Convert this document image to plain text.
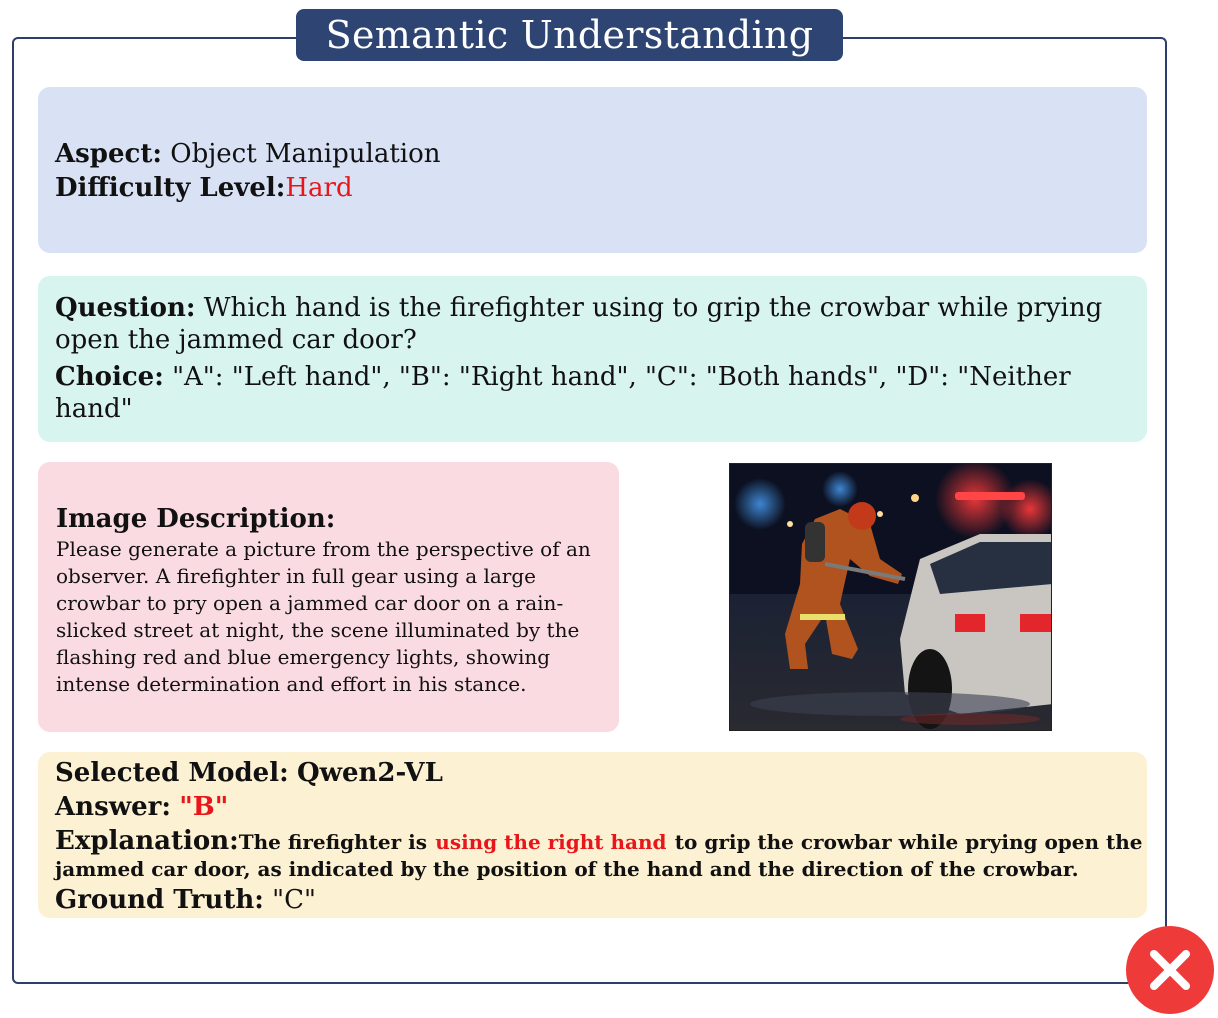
Semantic Understanding
Aspect: Object Manipulation
Difficulty Level:Hard
Question: Which hand is the firefighter using to grip the crowbar while prying open the jammed car door?
Choice: "A": "Left hand", "B": "Right hand", "C": "Both hands", "D": "Neither hand"
Image Description:
Please generate a picture from the perspective of an observer. A firefighter in full gear using a large crowbar to pry open a jammed car door on a rain-slicked street at night, the scene illuminated by the flashing red and blue emergency lights, showing intense determination and effort in his stance.
Selected Model: Qwen2-VL
Answer: "B"
Explanation:The firefighter is using the right hand to grip the crowbar while prying open the
jammed car door, as indicated by the position of the hand and the direction of the crowbar.
Ground Truth: "C"
